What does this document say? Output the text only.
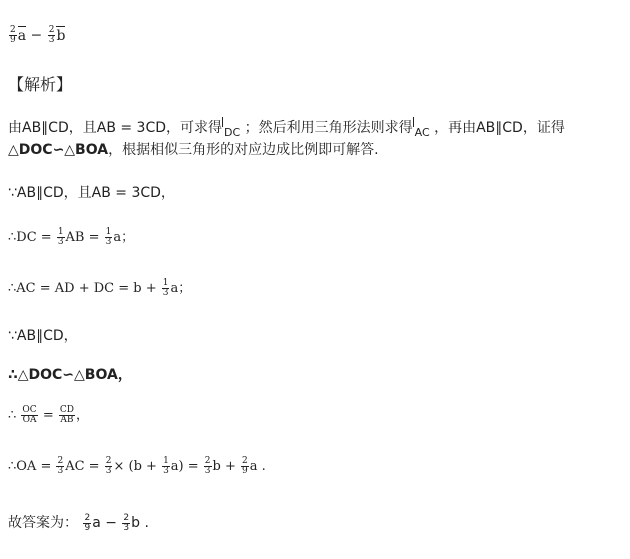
$\frac{2}{9}$ $a - \frac{2}{3}$ b
【解析】
由AB∥CD，且AB = 3CD，可求得 $_{DC}$ ；然后利用三角形法则求得 $_{AC}$ ，再由AB∥CD，证得
△DOC∽△BOA，根据相似三角形的对应边成比例即可解答.
∵AB∥CD，且AB = 3CD，
∴DC = $\frac{1}{3}$ AB = $\frac{1}{3}$ a；
∴AC = AD + DC = $b + \frac{1}{3}$ a；
∵AB∥CD，
∴△DOC∽△BOA，
∴ $\frac{OC}{OA} = \frac{CD}{AB}$ ，
∴OA = $\frac{2}{3}$ AC = $\frac{2}{3} \times (b + \frac{1}{3} a) = \frac{2}{3}$ $b + \frac{2}{9}$ a .
故答案为： $\frac{2}{9}$ $a - \frac{2}{3}$ b .
